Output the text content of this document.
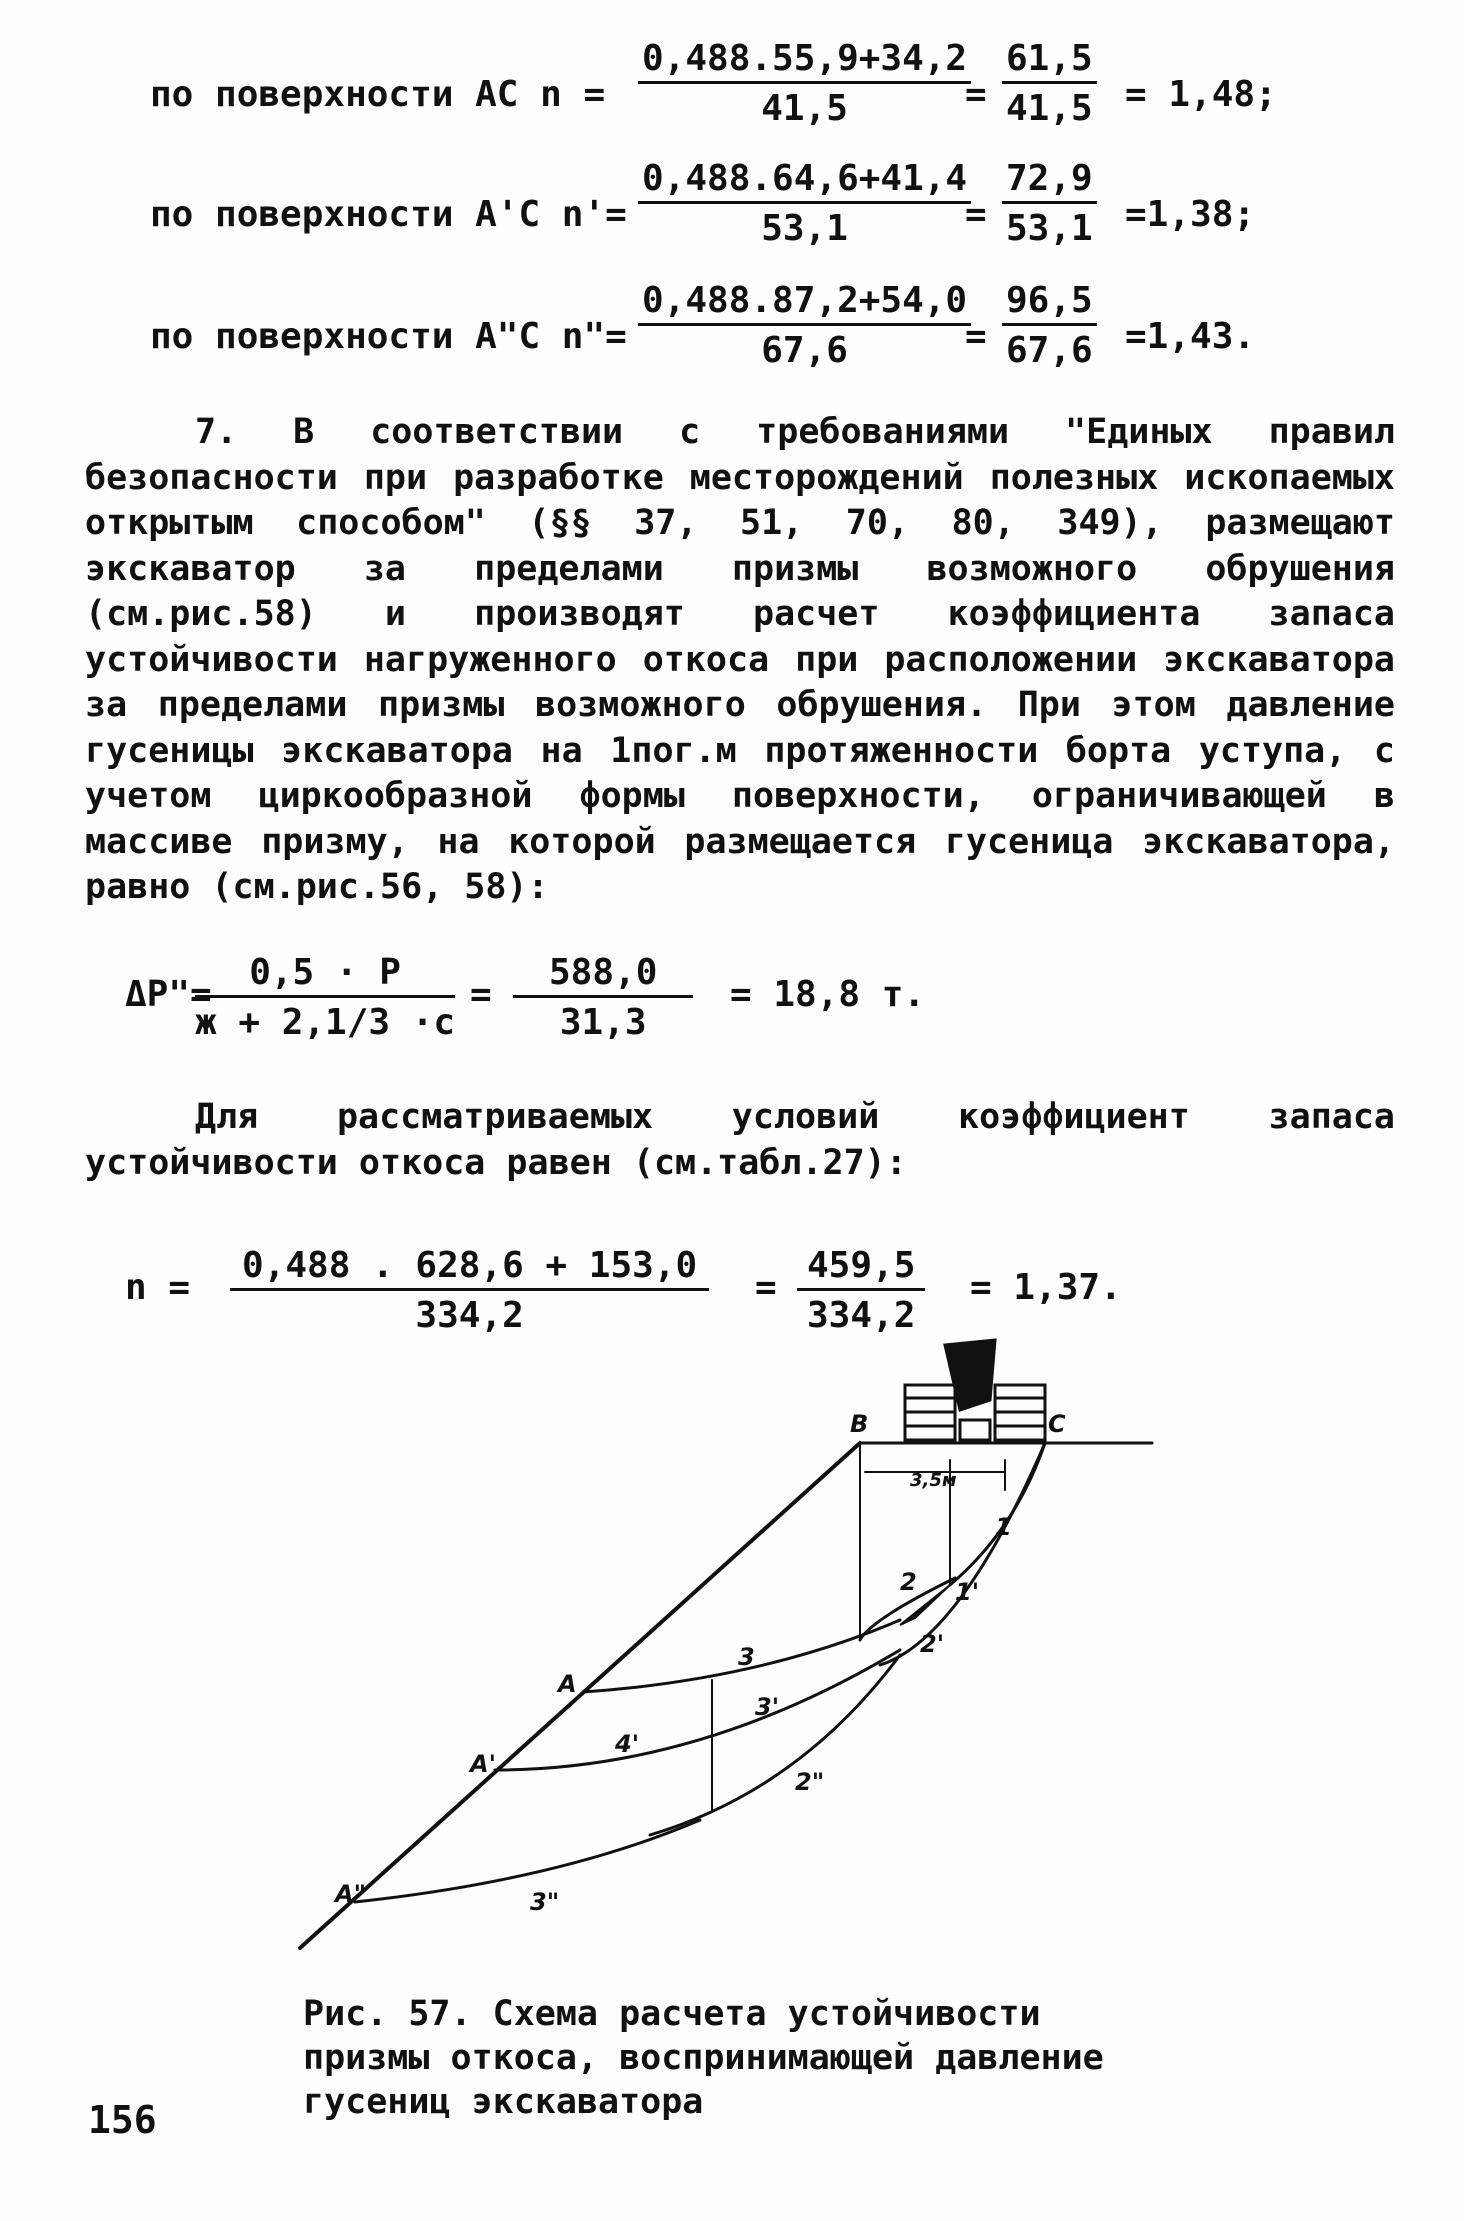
по поверхности АС $n = \frac{0,488.55,9+34,2}{41,5}$
= $\frac{61,5}{41,5} = 1,48$;
по поверхности А'С $n'= \frac{0,488.64,6+41,4}{53,1}$
= $\frac{72,9}{53,1} =1,38$;
по поверхности А"С n"= $\frac{0,488.87,2+54,0}{67,6}$
= $\frac{96,5}{67,6} =1,43$.

7. В соответствии с требованиями "Единых правил безопасности при разработке месторождений полезных ископаемых открытым способом" (§§ 37, 51, 70, 80, 349), размещают экскаватор за пределами призмы возможного обрушения (см.рис.58) и производят расчет коэффициента запаса устойчивости нагруженного откоса при расположении экскаватора за пределами призмы возможного обрушения. При этом давление гусеницы экскаватора на 1пог.м протяженности борта уступа, с учетом циркообразной формы поверхности, ограничивающей в массиве призму, на которой размещается гусеница экскаватора, равно (см.рис.56, 58):

ΔP"=
0,5 · P
ж + 2,1/3 ·с
= $\frac{588,0}{31,3} = 18,8$ т.

Для рассматриваемых условий коэффициент запаса устойчивости откоса равен (см.табл.27):

$n = \frac{0,488 . 628,6 + 153,0}{334,2} = \frac{459,5}{334,2} = 1,37$.
B	C
3,5м
1
2 1'
2'
3
A
3'
4'
A'
2"
A"	3"
Рис. 57. Схема расчета устойчивости призмы откоса, воспринимающей давление гусениц экскаватора
156
